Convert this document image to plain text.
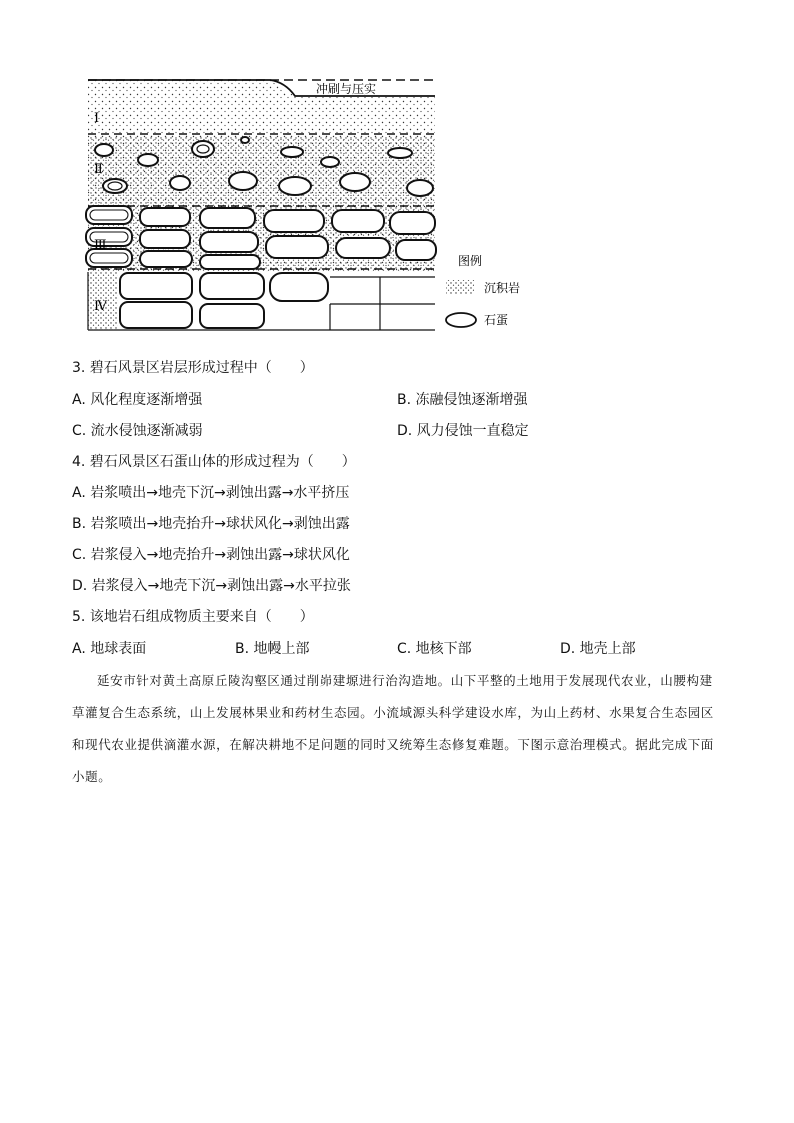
冲刷与压实
Ⅰ
Ⅱ
Ⅲ
Ⅳ
图例
沉积岩
石蛋
3. 碧石风景区岩层形成过程中（　　）
A. 风化程度逐渐增强	B. 冻融侵蚀逐渐增强
C. 流水侵蚀逐渐减弱	D. 风力侵蚀一直稳定
4. 碧石风景区石蛋山体的形成过程为（　　）
A. 岩浆喷出→地壳下沉→剥蚀出露→水平挤压
B. 岩浆喷出→地壳抬升→球状风化→剥蚀出露
C. 岩浆侵入→地壳抬升→剥蚀出露→球状风化
D. 岩浆侵入→地壳下沉→剥蚀出露→水平拉张
5. 该地岩石组成物质主要来自（　　）
A. 地球表面	B. 地幔上部	C. 地核下部	D. 地壳上部

延安市针对黄土高原丘陵沟壑区通过削峁建塬进行治沟造地。山下平整的土地用于发展现代农业，山腰构建草灌复合生态系统，山上发展林果业和药材生态园。小流域源头科学建设水库，为山上药材、水果复合生态园区和现代农业提供滴灌水源，在解决耕地不足问题的同时又统筹生态修复难题。下图示意治理模式。据此完成下面小题。
